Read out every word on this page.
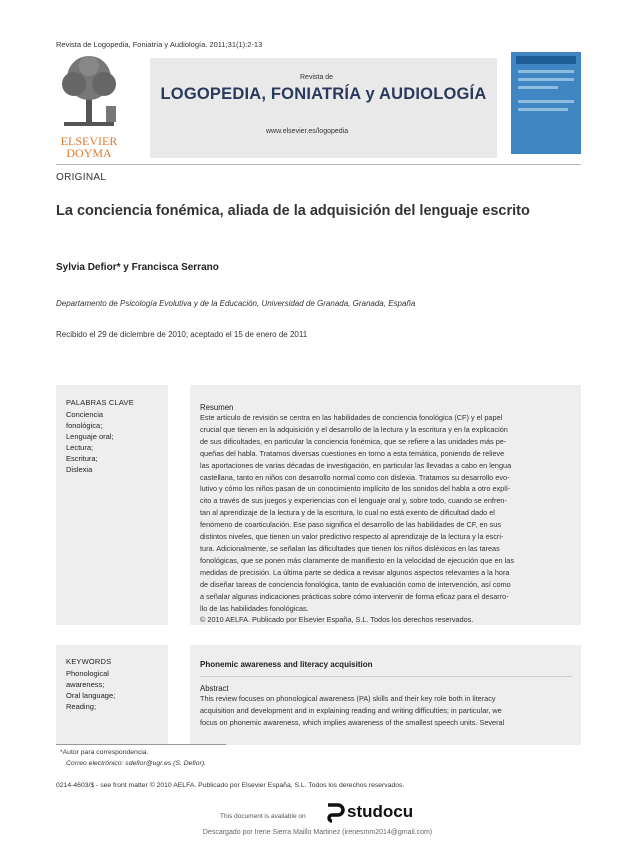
Revista de Logopedia, Foniatría y Audiología. 2011;31(1):2-13
ELSEVIER
DOYMA
Revista de
LOGOPEDIA, FONIATRÍA y AUDIOLOGÍA
www.elsevier.es/logopedia
ORIGINAL
La conciencia fonémica, aliada de la adquisición del lenguaje escrito
Sylvia Defior* y Francisca Serrano
Departamento de Psicología Evolutiva y de la Educación, Universidad de Granada, Granada, España
Recibido el 29 de diciembre de 2010; aceptado el 15 de enero de 2011
PALABRAS CLAVE
Conciencia
fonológica;
Lenguaje oral;
Lectura;
Escritura;
Dislexia
Resumen
Este artículo de revisión se centra en las habilidades de conciencia fonológica (CF) y el papel
crucial que tienen en la adquisición y el desarrollo de la lectura y la escritura y en la explicación
de sus dificultades, en particular la conciencia fonémica, que se refiere a las unidades más pe-
queñas del habla. Tratamos diversas cuestiones en torno a esta temática, poniendo de relieve
las aportaciones de varias décadas de investigación, en particular las llevadas a cabo en lengua
castellana, tanto en niños con desarrollo normal como con dislexia. Tratamos su desarrollo evo-
lutivo y cómo los niños pasan de un conocimiento implícito de los sonidos del habla a otro explí-
cito a través de sus juegos y experiencias con el lenguaje oral y, sobre todo, cuando se enfren-
tan al aprendizaje de la lectura y de la escritura, lo cual no está exento de dificultad dado el
fenómeno de coarticulación. Ese paso significa el desarrollo de las habilidades de CF, en sus
distintos niveles, que tienen un valor predictivo respecto al aprendizaje de la lectura y la escri-
tura. Adicionalmente, se señalan las dificultades que tienen los niños disléxicos en las tareas
fonológicas, que se ponen más claramente de manifiesto en la velocidad de ejecución que en las
medidas de precisión. La última parte se dedica a revisar algunos aspectos relevantes a la hora
de diseñar tareas de conciencia fonológica, tanto de evaluación como de intervención, así como
a señalar algunas indicaciones prácticas sobre cómo intervenir de forma eficaz para el desarro-
llo de las habilidades fonológicas.
© 2010 AELFA. Publicado por Elsevier España, S.L. Todos los derechos reservados.
KEYWORDS
Phonological
awareness;
Oral language;
Reading;
Phonemic awareness and literacy acquisition
Abstract
This review focuses on phonological awareness (PA) skills and their key role both in literacy
acquisition and development and in explaining reading and writing difficulties; in particular, we
focus on phonemic awareness, which implies awareness of the smallest speech units. Several
*Autor para correspondencia.
Correo electrónico: sdefior@ugr.es (S. Defior).
0214-4603/$ - see front matter © 2010 AELFA. Publicado por Elsevier España, S.L. Todos los derechos reservados.
This document is available on studocu
Descargado por Irene Sierra Maillo Martinez (irenesmm2014@gmail.com)
